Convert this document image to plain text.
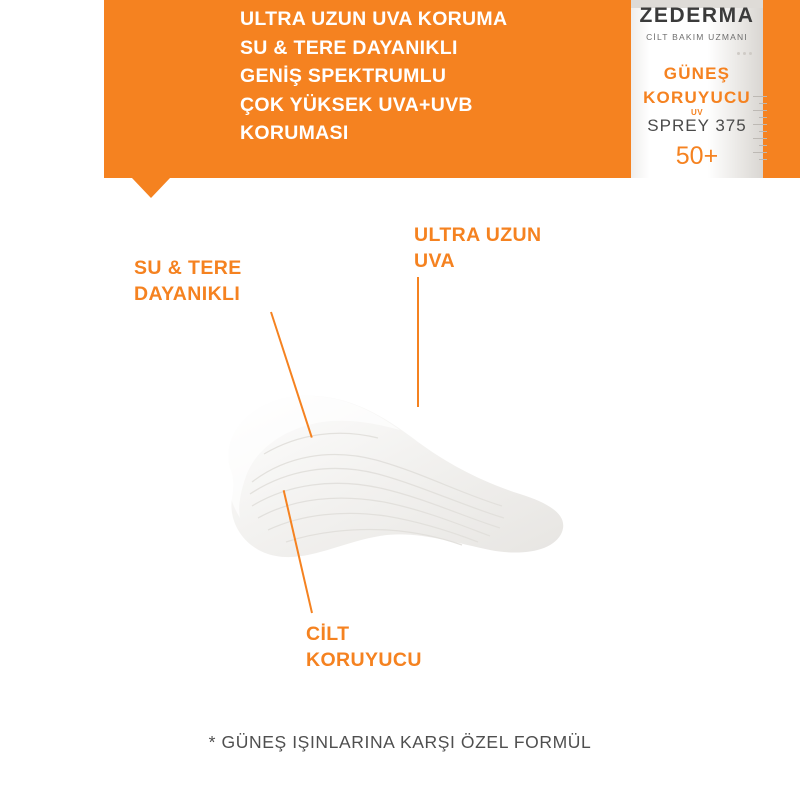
ULTRA UZUN UVA KORUMA
SU & TERE DAYANIKLI
GENİŞ SPEKTRUMLU
ÇOK YÜKSEK UVA+UVB
KORUMASI
ZEDERMA
CİLT BAKIM UZMANI
GÜNEŞ
KORUYUCU
UV
SPREY 375
50+
SU & TERE
DAYANIKLI
ULTRA UZUN
UVA
CİLT
KORUYUCU
* GÜNEŞ IŞINLARINA KARŞI ÖZEL FORMÜL
